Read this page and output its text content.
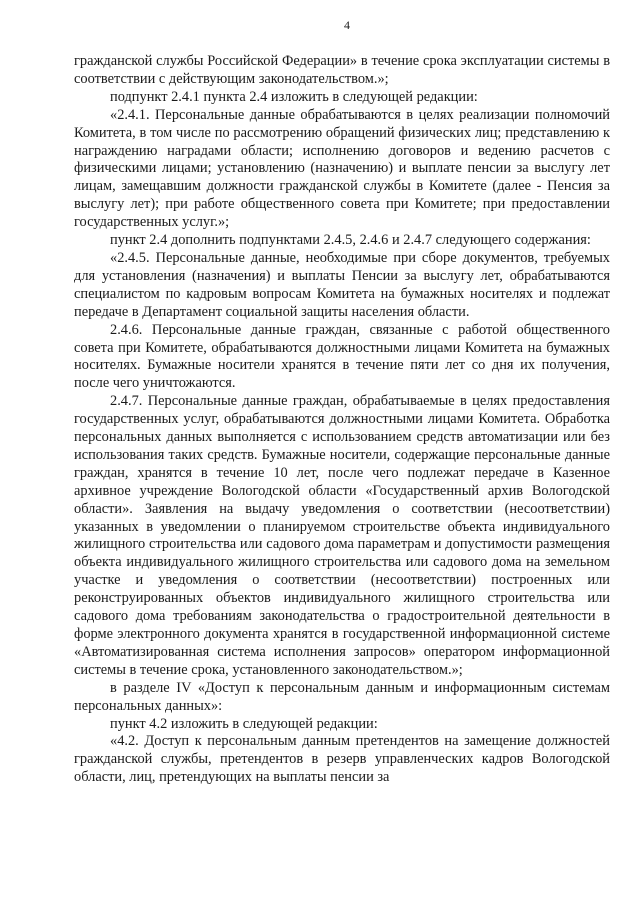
4

гражданской службы Российской Федерации» в течение срока эксплуатации системы в соответствии с действующим законодательством.»;

подпункт 2.4.1 пункта 2.4 изложить в следующей редакции:

«2.4.1. Персональные данные обрабатываются в целях реализации полномочий Комитета, в том числе по рассмотрению обращений физических лиц; представлению к награждению наградами области; исполнению договоров и ведению расчетов с физическими лицами; установлению (назначению) и выплате пенсии за выслугу лет лицам, замещавшим должности гражданской службы в Комитете (далее - Пенсия за выслугу лет); при работе общественного совета при Комитете; при предоставлении государственных услуг.»;

пункт 2.4 дополнить подпунктами 2.4.5, 2.4.6 и 2.4.7 следующего содержания:

«2.4.5. Персональные данные, необходимые при сборе документов, требуемых для установления (назначения) и выплаты Пенсии за выслугу лет, обрабатываются специалистом по кадровым вопросам Комитета на бумажных носителях и подлежат передаче в Департамент социальной защиты населения области.

2.4.6. Персональные данные граждан, связанные с работой общественного совета при Комитете, обрабатываются должностными лицами Комитета на бумажных носителях. Бумажные носители хранятся в течение пяти лет со дня их получения, после чего уничтожаются.

2.4.7. Персональные данные граждан, обрабатываемые в целях предоставления государственных услуг, обрабатываются должностными лицами Комитета. Обработка персональных данных выполняется с использованием средств автоматизации или без использования таких средств. Бумажные носители, содержащие персональные данные граждан, хранятся в течение 10 лет, после чего подлежат передаче в Казенное архивное учреждение Вологодской области «Государственный архив Вологодской области». Заявления на выдачу уведомления о соответствии (несоответствии) указанных в уведомлении о планируемом строительстве объекта индивидуального жилищного строительства или садового дома параметрам и допустимости размещения объекта индивидуального жилищного строительства или садового дома на земельном участке и уведомления о соответствии (несоответствии) построенных или реконструированных объектов индивидуального жилищного строительства или садового дома требованиям законодательства о градостроительной деятельности в форме электронного документа хранятся в государственной информационной системе «Автоматизированная система исполнения запросов» оператором информационной системы в течение срока, установленного законодательством.»;

в разделе IV «Доступ к персональным данным и информационным системам персональных данных»:

пункт 4.2 изложить в следующей редакции:

«4.2. Доступ к персональным данным претендентов на замещение должностей гражданской службы, претендентов в резерв управленческих кадров Вологодской области, лиц, претендующих на выплаты пенсии за
